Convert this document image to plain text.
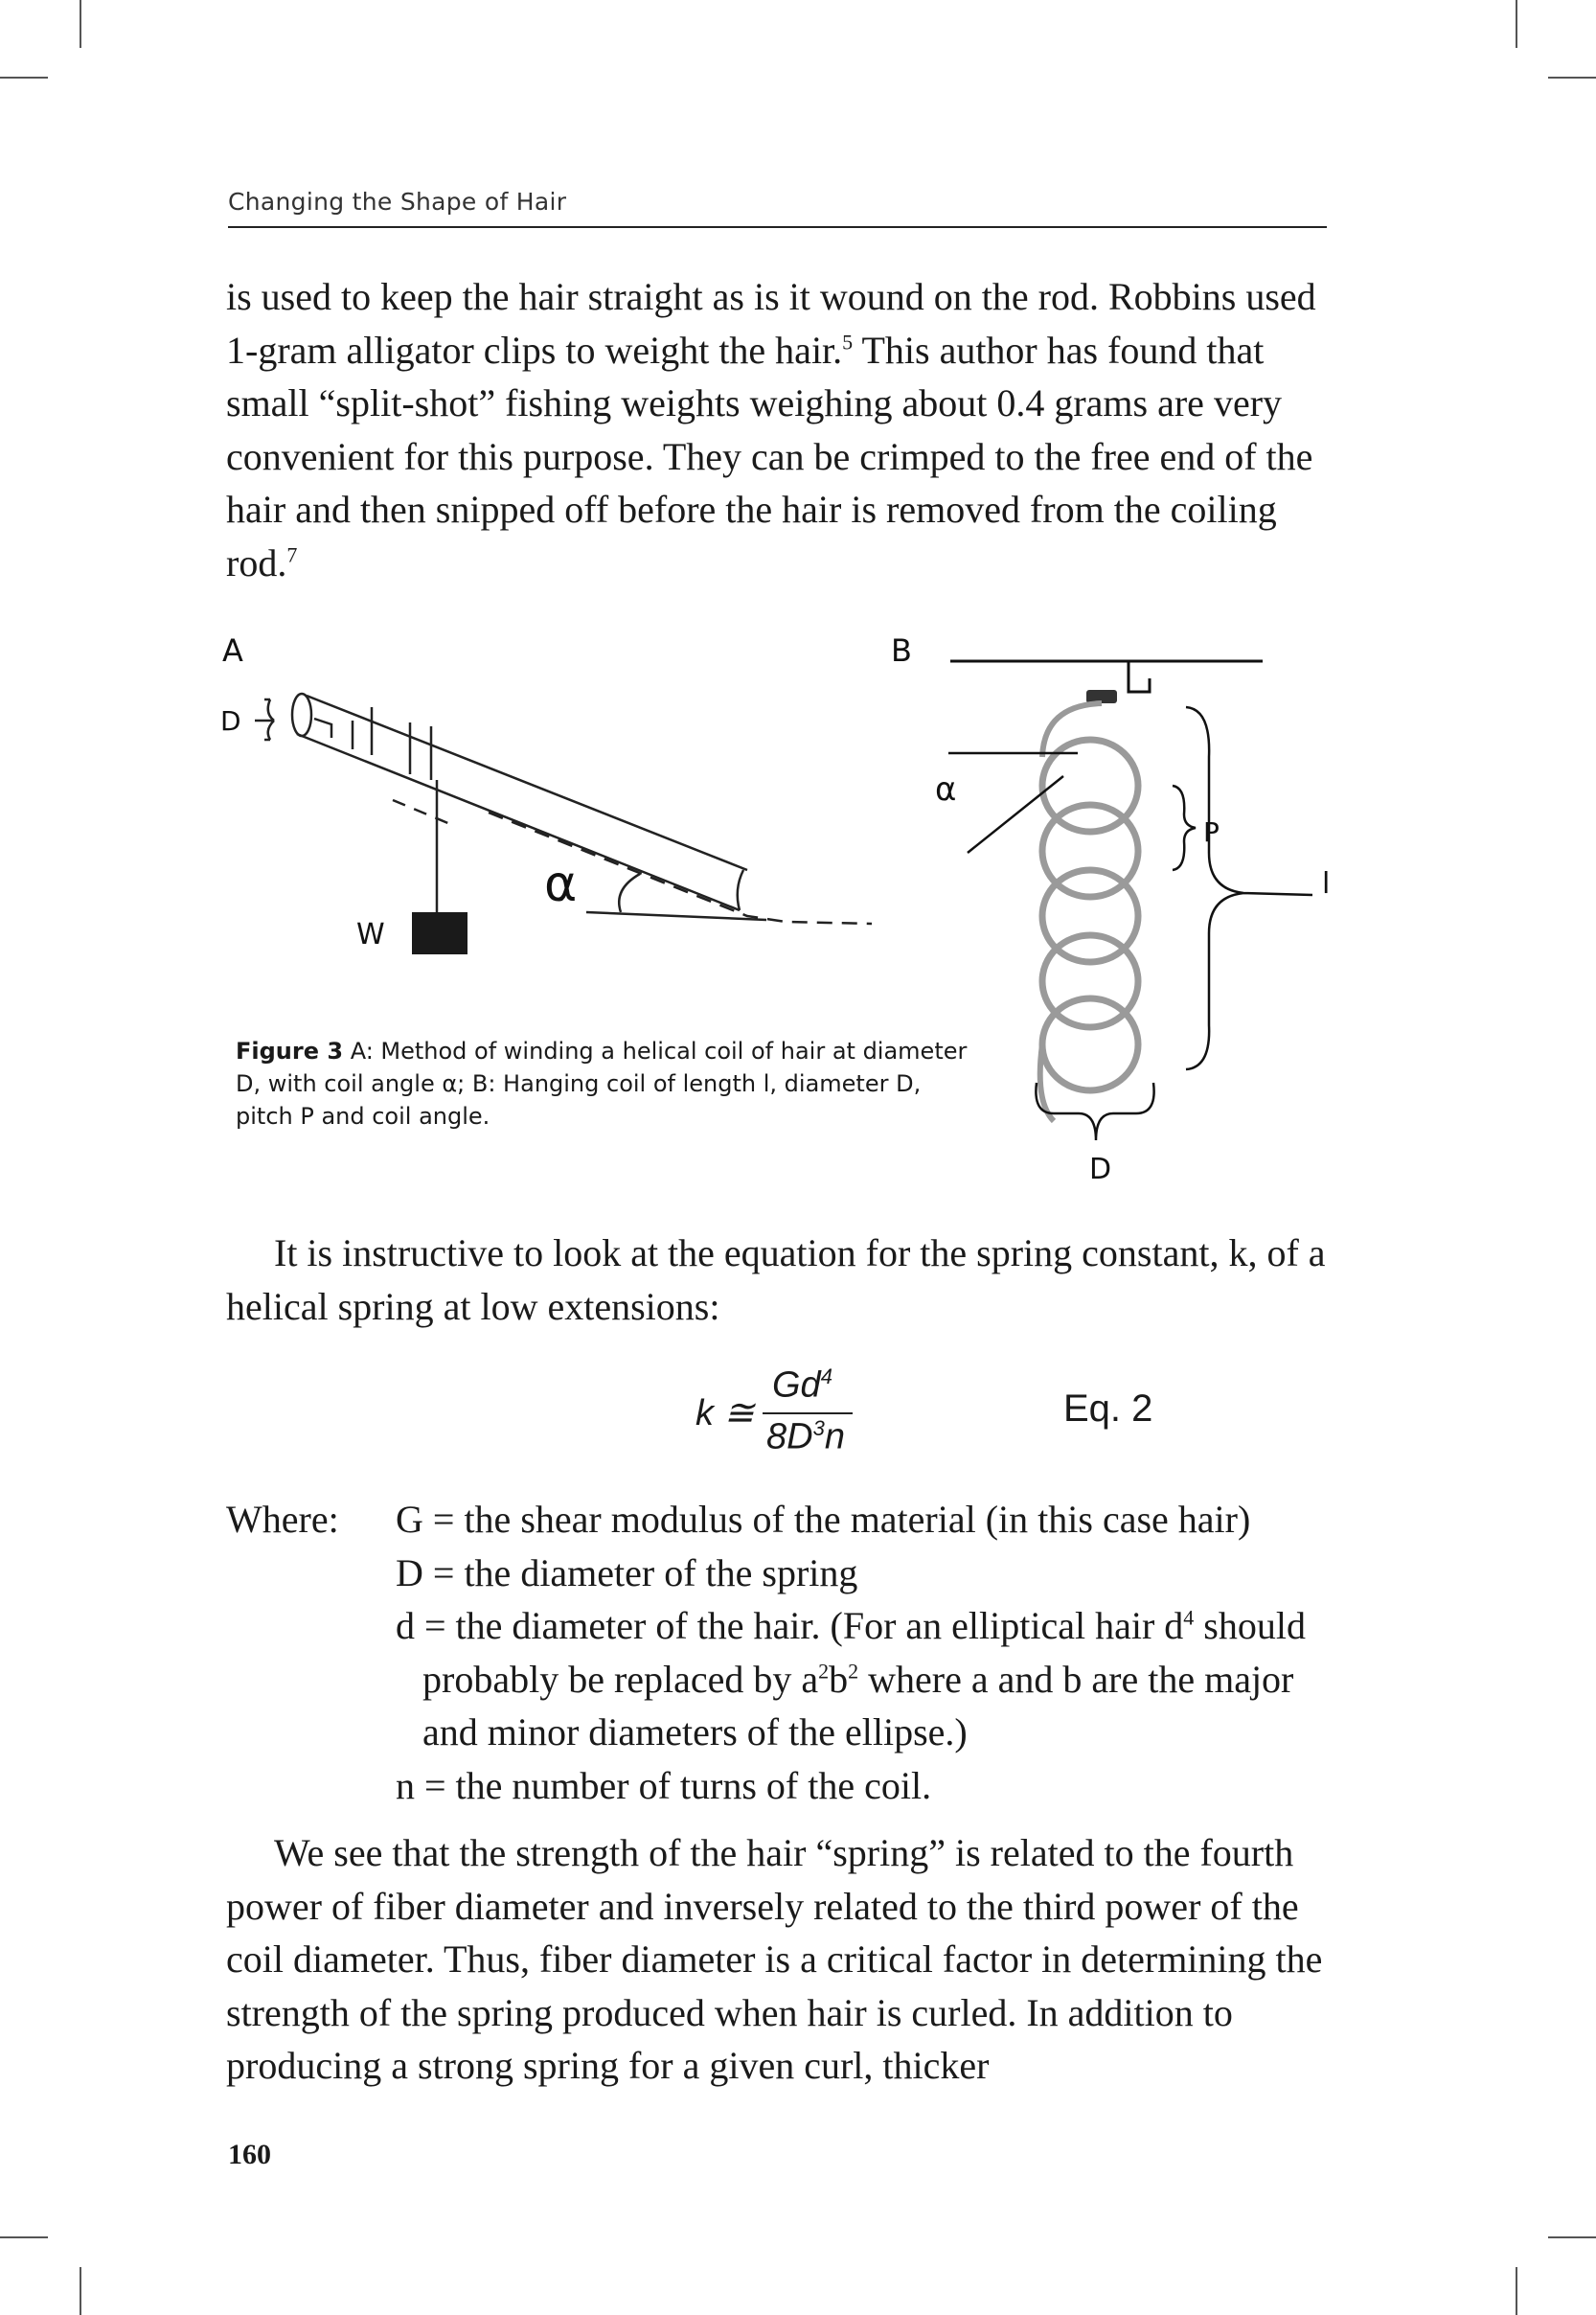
Changing the Shape of Hair

is used to keep the hair straight as is it wound on the rod. Robbins used 1-gram alligator clips to weight the hair.$^5$ This author has found that small “split-shot” fishing weights weighing about 0.4 grams are very convenient for this purpose. They can be crimped to the free end of the hair and then snipped off before the hair is removed from the coiling rod.$^7$

A	B
D
W
α
α
P
l
D

Figure 3 A: Method of winding a helical coil of hair at diameter D, with coil angle α; B: Hanging coil of length l, diameter D, pitch P and coil angle.

It is instructive to look at the equation for the spring constant, k, of a helical spring at low extensions:

k ≅
Gd$^4$
$8D^3n$
Eq. 2
Where: G = the shear modulus of the material (in this case hair)
D = the diameter of the spring
d = the diameter of the hair. (For an elliptical hair $d^4$ should probably be replaced by $a^2b^2$ where a and b are the major and minor diameters of the ellipse.)
n = the number of turns of the coil.

We see that the strength of the hair “spring” is related to the fourth power of fiber diameter and inversely related to the third power of the coil diameter. Thus, fiber diameter is a critical factor in determining the strength of the spring produced when hair is curled. In addition to producing a strong spring for a given curl, thicker

160
